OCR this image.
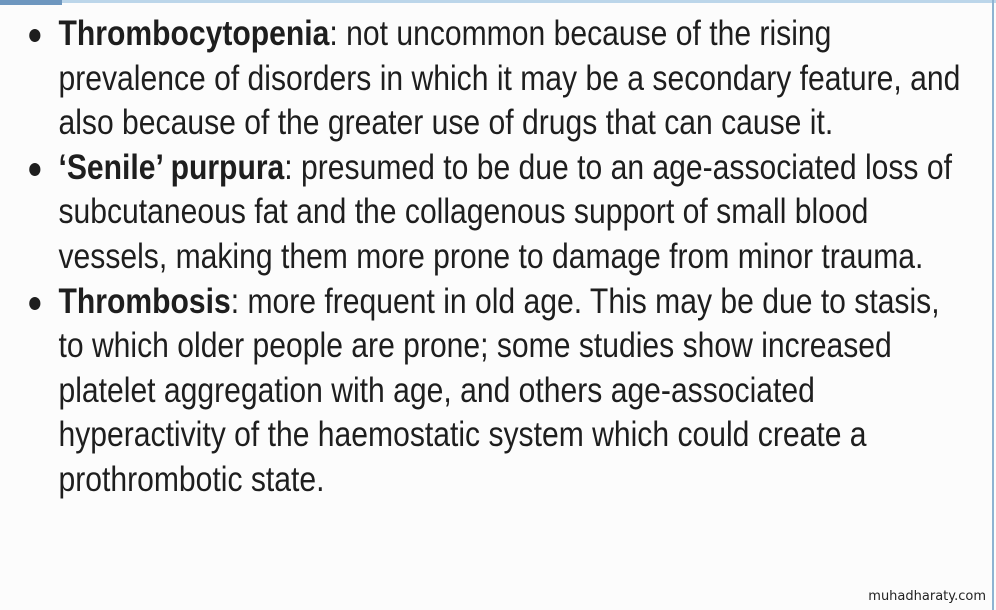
Thrombocytopenia: not uncommon because of the rising prevalence of disorders in which it may be a secondary feature, and also because of the greater use of drugs that can cause it.
‘Senile’ purpura: presumed to be due to an age-associated loss of subcutaneous fat and the collagenous support of small blood vessels, making them more prone to damage from minor trauma.
Thrombosis: more frequent in old age. This may be due to stasis, to which older people are prone; some studies show increased platelet aggregation with age, and others age-associated hyperactivity of the haemostatic system which could create a prothrombotic state.
muhadharaty.com
